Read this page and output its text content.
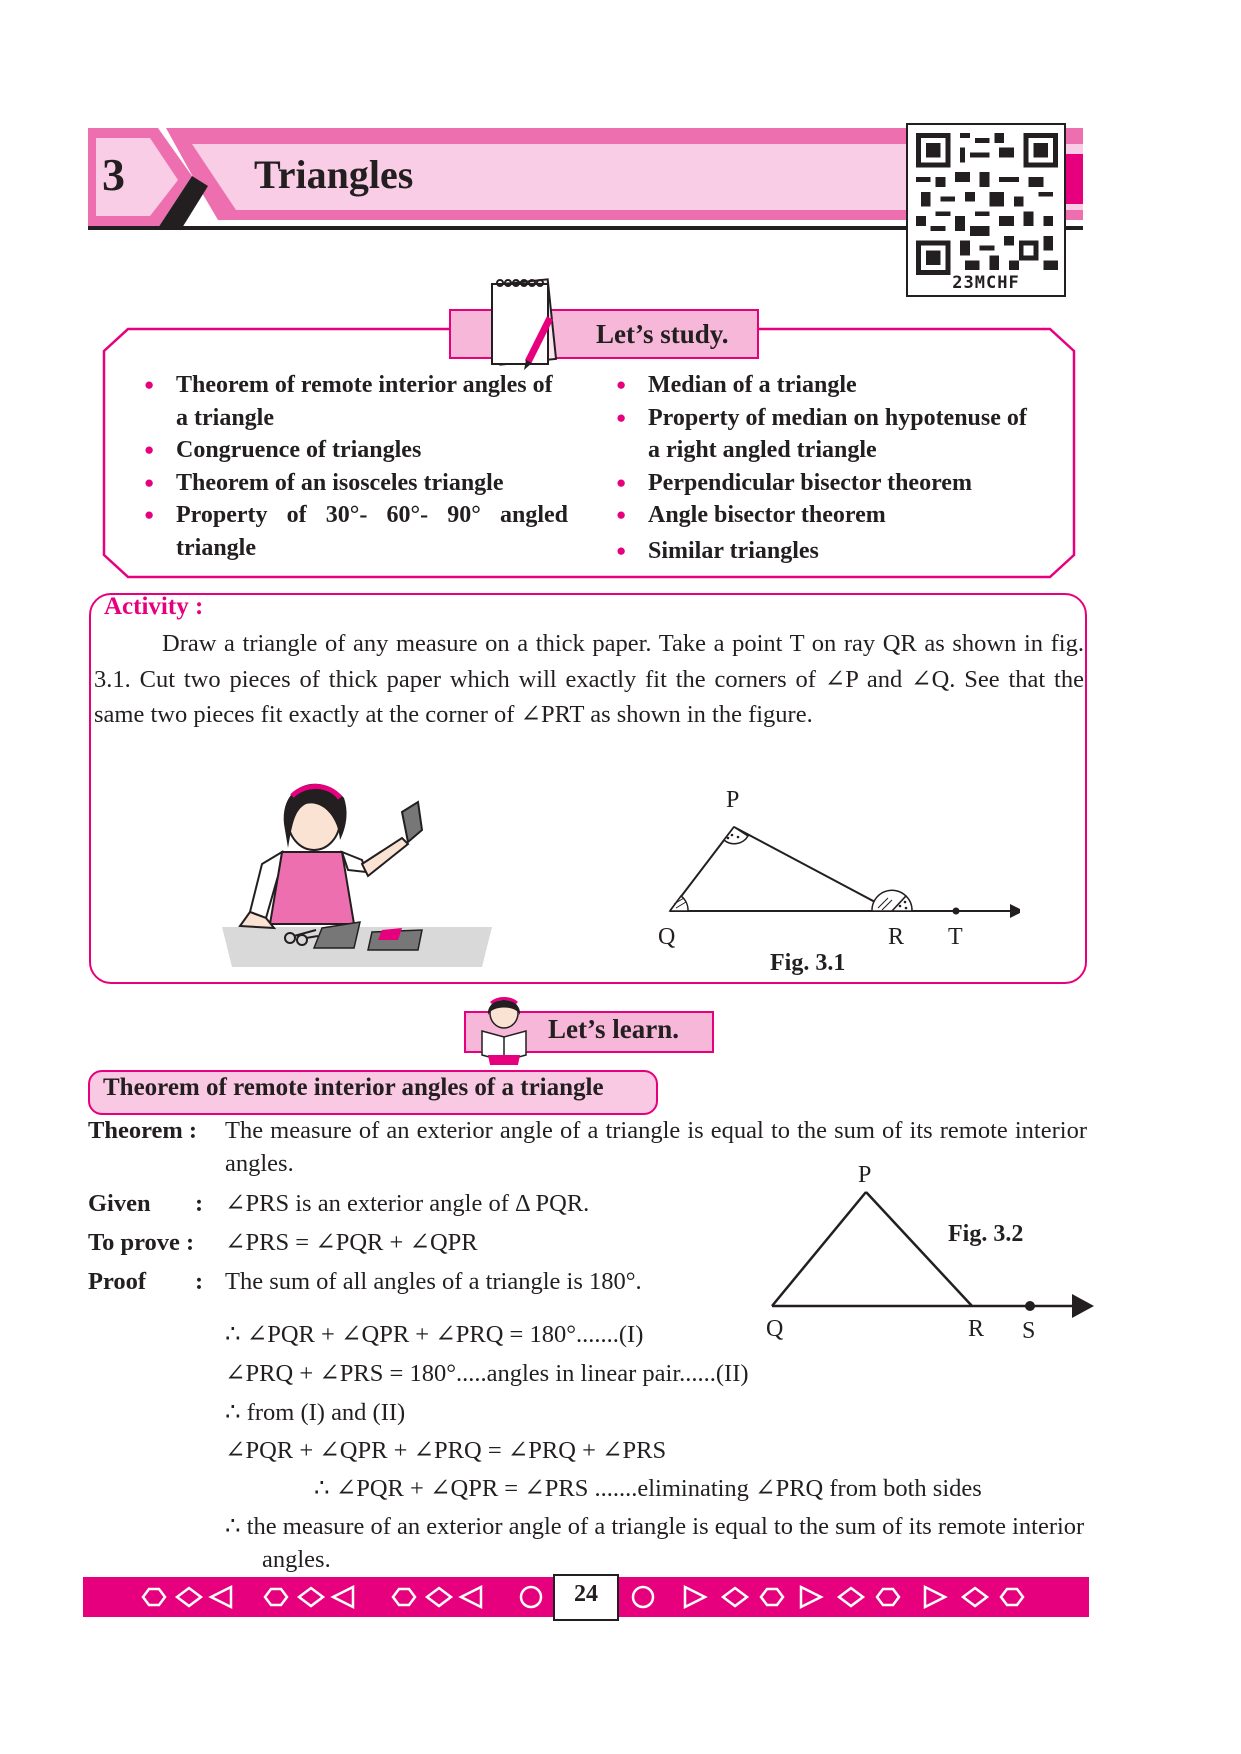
3	Triangles
23MCHF
Let’s study.
● Theorem of remote interior angles of a triangle
● Congruence of triangles
● Theorem of an isosceles triangle
● Property of 30°- 60°- 90° angled triangle
● Median of a triangle
● Property of median on hypotenuse of a right angled triangle
● Perpendicular bisector theorem
● Angle bisector theorem
● Similar triangles
Activity :
Draw a triangle of any measure on a thick paper. Take a point T on ray QR as shown in fig. 3.1. Cut two pieces of thick paper which will exactly fit the corners of ∠P and ∠Q. See that the same two pieces fit exactly at the corner of ∠PRT as shown in the figure.
P
Q	R T
Fig. 3.1
Let’s learn.
Theorem of remote interior angles of a triangle
Theorem : The measure of an exterior angle of a triangle is equal to the sum of its remote interior angles.
Given : ∠PRS is an exterior angle of Δ PQR.
To prove : ∠PRS = ∠PQR + ∠QPR
Proof : The sum of all angles of a triangle is 180°.
∴ ∠PQR + ∠QPR + ∠PRQ = 180°.......(I)
∠PRQ + ∠PRS = 180°.....angles in linear pair......(II)
∴ from (I) and (II)
∠PQR + ∠QPR + ∠PRQ = ∠PRQ + ∠PRS
∴ ∠PQR + ∠QPR = ∠PRS .......eliminating ∠PRQ from both sides
∴ the measure of an exterior angle of a triangle is equal to the sum of its remote interior angles.
P
Q	R S
Fig. 3.2
24
